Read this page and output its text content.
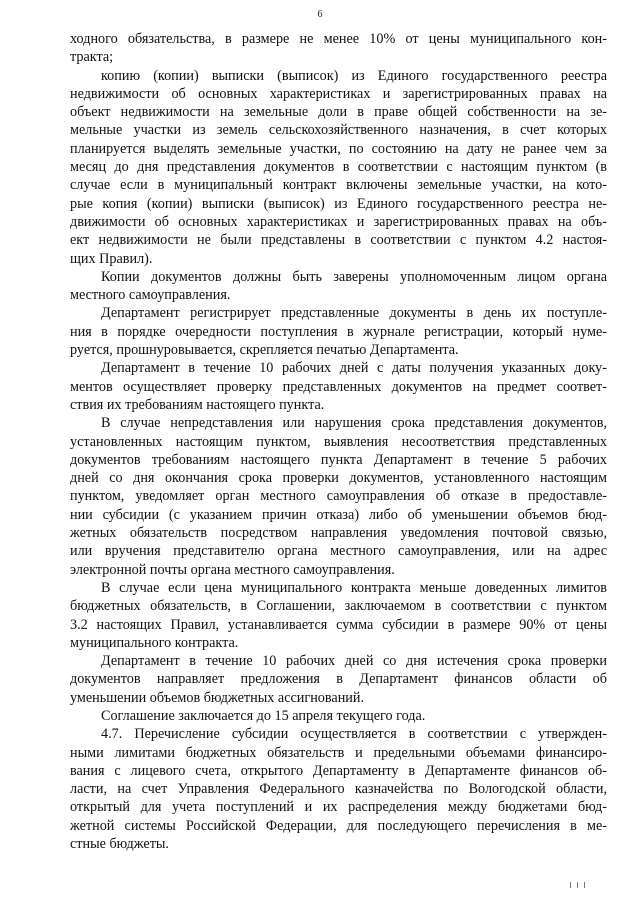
6
ходного обязательства, в размере не менее 10% от цены муниципального кон-
тракта;
копию (копии) выписки (выписок) из Единого государственного реестра
недвижимости об основных характеристиках и зарегистрированных правах на
объект недвижимости на земельные доли в праве общей собственности на зе-
мельные участки из земель сельскохозяйственного назначения, в счет которых
планируется выделять земельные участки, по состоянию на дату не ранее чем за
месяц до дня представления документов в соответствии с настоящим пунктом (в
случае если в муниципальный контракт включены земельные участки, на кото-
рые копия (копии) выписки (выписок) из Единого государственного реестра не-
движимости об основных характеристиках и зарегистрированных правах на объ-
ект недвижимости не были представлены в соответствии с пунктом 4.2 настоя-
щих Правил).
Копии документов должны быть заверены уполномоченным лицом органа
местного самоуправления.
Департамент регистрирует представленные документы в день их поступле-
ния в порядке очередности поступления в журнале регистрации, который нуме-
руется, прошнуровывается, скрепляется печатью Департамента.
Департамент в течение 10 рабочих дней с даты получения указанных доку-
ментов осуществляет проверку представленных документов на предмет соответ-
ствия их требованиям настоящего пункта.
В случае непредставления или нарушения срока представления документов,
установленных настоящим пунктом, выявления несоответствия представленных
документов требованиям настоящего пункта Департамент в течение 5 рабочих
дней со дня окончания срока проверки документов, установленного настоящим
пунктом, уведомляет орган местного самоуправления об отказе в предоставле-
нии субсидии (с указанием причин отказа) либо об уменьшении объемов бюд-
жетных обязательств посредством направления уведомления почтовой связью,
или вручения представителю органа местного самоуправления, или на адрес
электронной почты органа местного самоуправления.
В случае если цена муниципального контракта меньше доведенных лимитов
бюджетных обязательств, в Соглашении, заключаемом в соответствии с пунктом
3.2 настоящих Правил, устанавливается сумма субсидии в размере 90% от цены
муниципального контракта.
Департамент в течение 10 рабочих дней со дня истечения срока проверки
документов направляет предложения в Департамент финансов области об
уменьшении объемов бюджетных ассигнований.
Соглашение заключается до 15 апреля текущего года.
4.7. Перечисление субсидии осуществляется в соответствии с утвержден-
ными лимитами бюджетных обязательств и предельными объемами финансиро-
вания с лицевого счета, открытого Департаменту в Департаменте финансов об-
ласти, на счет Управления Федерального казначейства по Вологодской области,
открытый для учета поступлений и их распределения между бюджетами бюд-
жетной системы Российской Федерации, для последующего перечисления в ме-
стные бюджеты.
